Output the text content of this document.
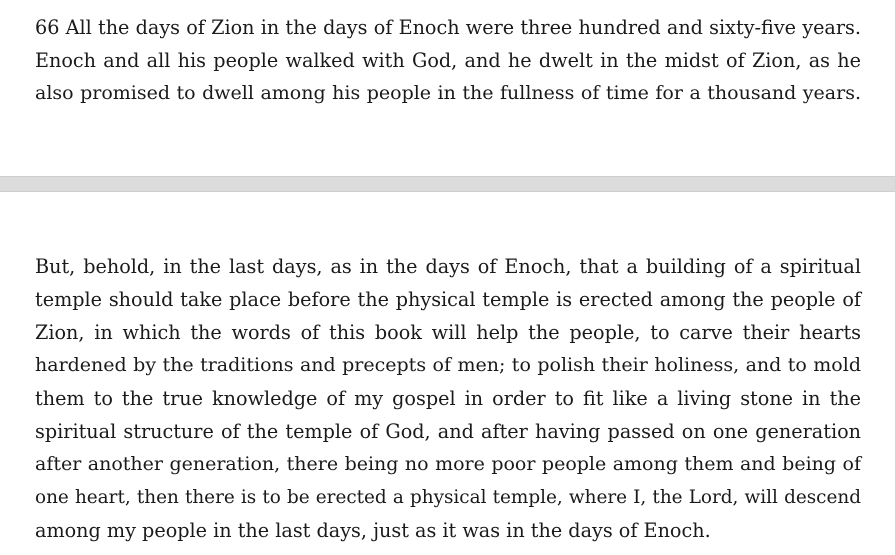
66 All the days of Zion in the days of Enoch were three hundred and sixty-five years.
Enoch and all his people walked with God, and he dwelt in the midst of Zion, as he
also promised to dwell among his people in the fullness of time for a thousand years.
But, behold, in the last days, as in the days of Enoch, that a building of a spiritual
temple should take place before the physical temple is erected among the people of
Zion, in which the words of this book will help the people, to carve their hearts
hardened by the traditions and precepts of men; to polish their holiness, and to mold
them to the true knowledge of my gospel in order to fit like a living stone in the
spiritual structure of the temple of God, and after having passed on one generation
after another generation, there being no more poor people among them and being of
one heart, then there is to be erected a physical temple, where I, the Lord, will descend
among my people in the last days, just as it was in the days of Enoch.
